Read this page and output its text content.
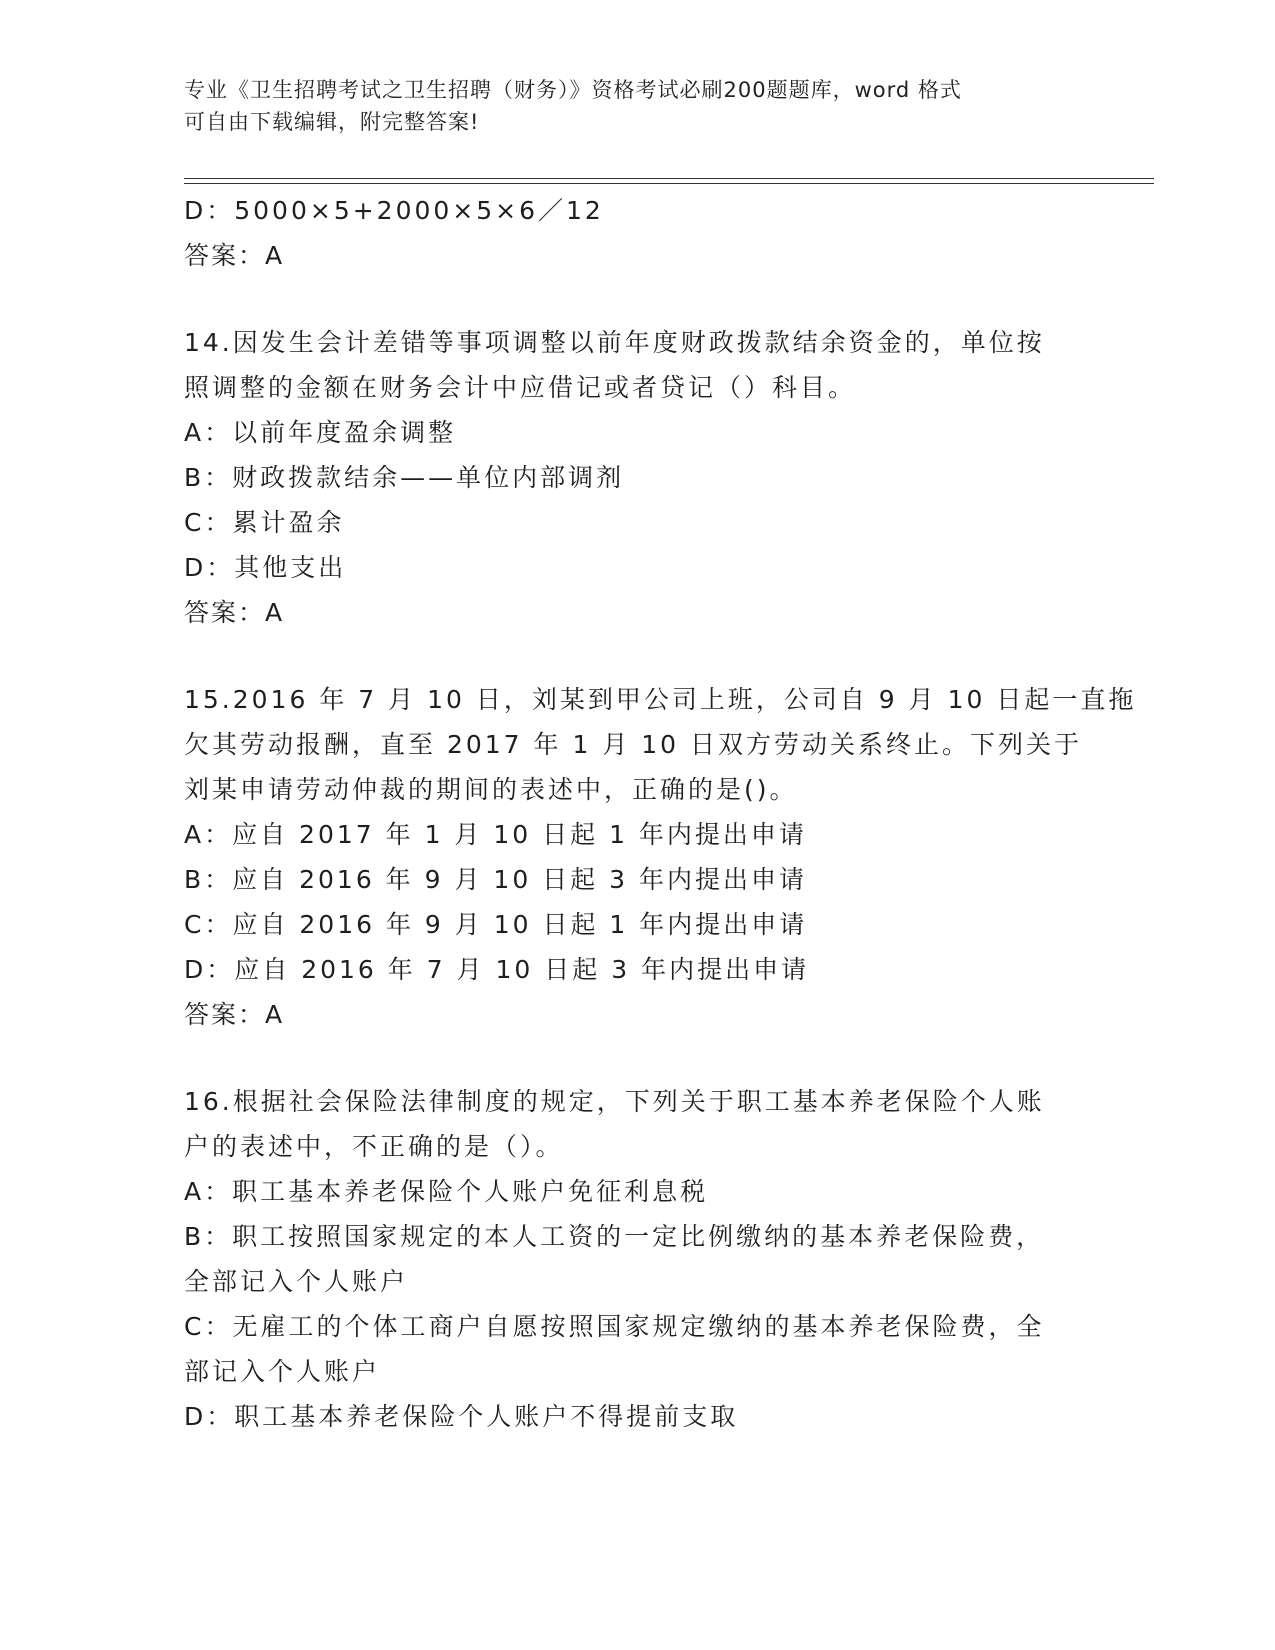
专业《卫生招聘考试之卫生招聘（财务）》资格考试必刷200题题库，word 格式
可自由下载编辑，附完整答案!
D：5000×5+2000×5×6／12
答案：A
14.因发生会计差错等事项调整以前年度财政拨款结余资金的，单位按
照调整的金额在财务会计中应借记或者贷记（）科目。
A：以前年度盈余调整
B：财政拨款结余——单位内部调剂
C：累计盈余
D：其他支出
答案：A
15.2016 年 7 月 10 日，刘某到甲公司上班，公司自 9 月 10 日起一直拖
欠其劳动报酬，直至 2017 年 1 月 10 日双方劳动关系终止。下列关于
刘某申请劳动仲裁的期间的表述中，正确的是()。
A：应自 2017 年 1 月 10 日起 1 年内提出申请
B：应自 2016 年 9 月 10 日起 3 年内提出申请
C：应自 2016 年 9 月 10 日起 1 年内提出申请
D：应自 2016 年 7 月 10 日起 3 年内提出申请
答案：A
16.根据社会保险法律制度的规定，下列关于职工基本养老保险个人账
户的表述中，不正确的是（）。
A：职工基本养老保险个人账户免征利息税
B：职工按照国家规定的本人工资的一定比例缴纳的基本养老保险费，
全部记入个人账户
C：无雇工的个体工商户自愿按照国家规定缴纳的基本养老保险费，全
部记入个人账户
D：职工基本养老保险个人账户不得提前支取
